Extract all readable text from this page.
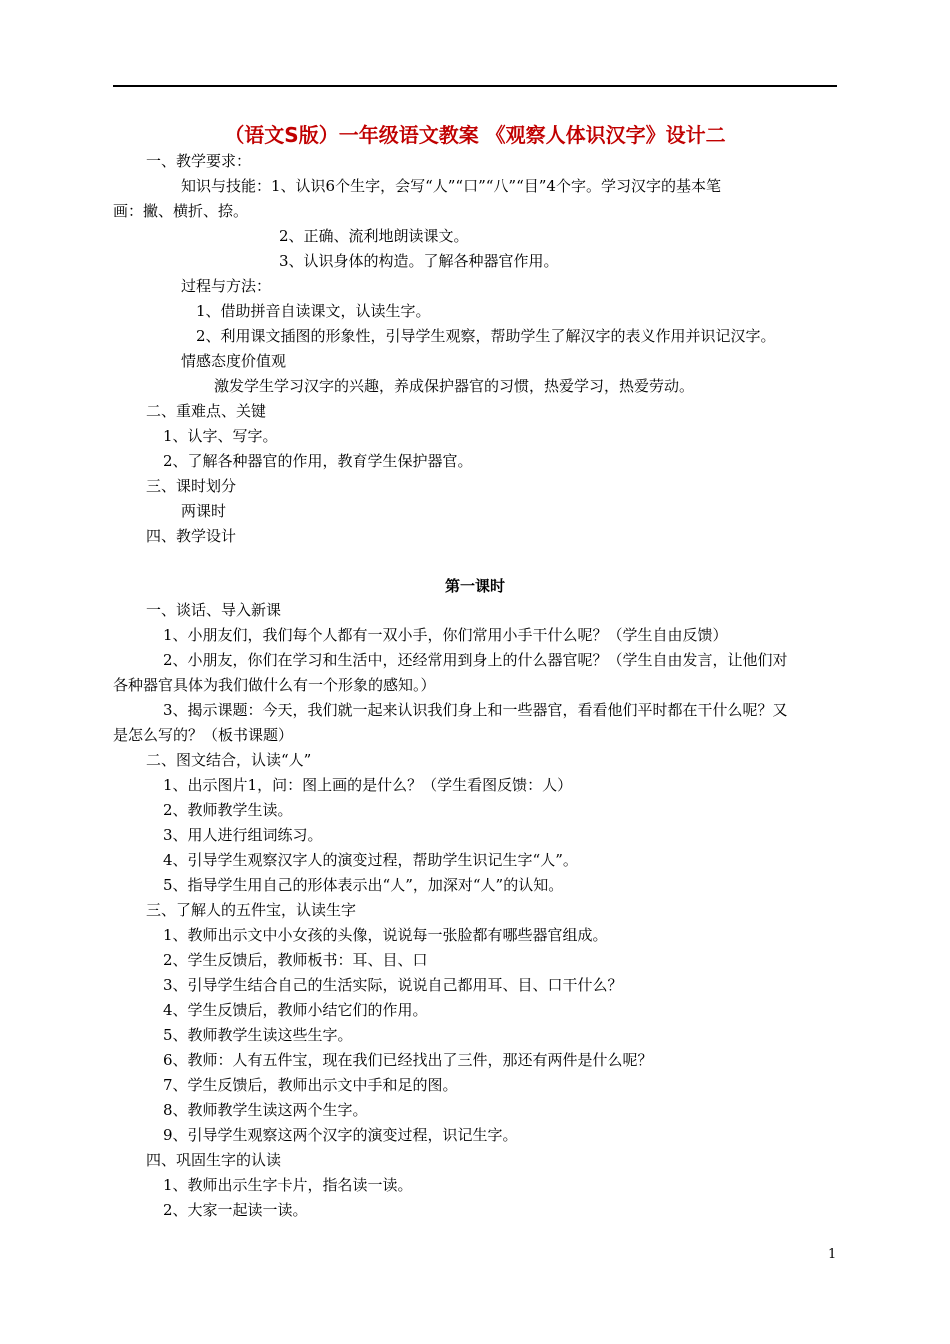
（语文S版）一年级语文教案 《观察人体识汉字》设计二
一、教学要求：
知识与技能：1、认识6个生字，会写“人”“口”“八”“目”4个字。学习汉字的基本笔
画：撇、横折、捺。
2、正确、流利地朗读课文。
3、认识身体的构造。了解各种器官作用。
过程与方法：
1、借助拼音自读课文，认读生字。
2、利用课文插图的形象性，引导学生观察，帮助学生了解汉字的表义作用并识记汉字。
情感态度价值观
激发学生学习汉字的兴趣，养成保护器官的习惯，热爱学习，热爱劳动。
二、重难点、关键
1、认字、写字。
2、了解各种器官的作用，教育学生保护器官。
三、课时划分
两课时
四、教学设计
第一课时
一、谈话、导入新课
1、小朋友们，我们每个人都有一双小手，你们常用小手干什么呢？（学生自由反馈）
2、小朋友，你们在学习和生活中，还经常用到身上的什么器官呢？（学生自由发言，让他们对
各种器官具体为我们做什么有一个形象的感知。）
3、揭示课题：今天，我们就一起来认识我们身上和一些器官，看看他们平时都在干什么呢？又
是怎么写的？（板书课题）
二、图文结合，认读“人”
1、出示图片1，问：图上画的是什么？（学生看图反馈：人）
2、教师教学生读。
3、用人进行组词练习。
4、引导学生观察汉字人的演变过程，帮助学生识记生字“人”。
5、指导学生用自己的形体表示出“人”，加深对“人”的认知。
三、了解人的五件宝，认读生字
1、教师出示文中小女孩的头像，说说每一张脸都有哪些器官组成。
2、学生反馈后，教师板书：耳、目、口
3、引导学生结合自己的生活实际，说说自己都用耳、目、口干什么？
4、学生反馈后，教师小结它们的作用。
5、教师教学生读这些生字。
6、教师：人有五件宝，现在我们已经找出了三件，那还有两件是什么呢？
7、学生反馈后，教师出示文中手和足的图。
8、教师教学生读这两个生字。
9、引导学生观察这两个汉字的演变过程，识记生字。
四、巩固生字的认读
1、教师出示生字卡片，指名读一读。
2、大家一起读一读。
1
